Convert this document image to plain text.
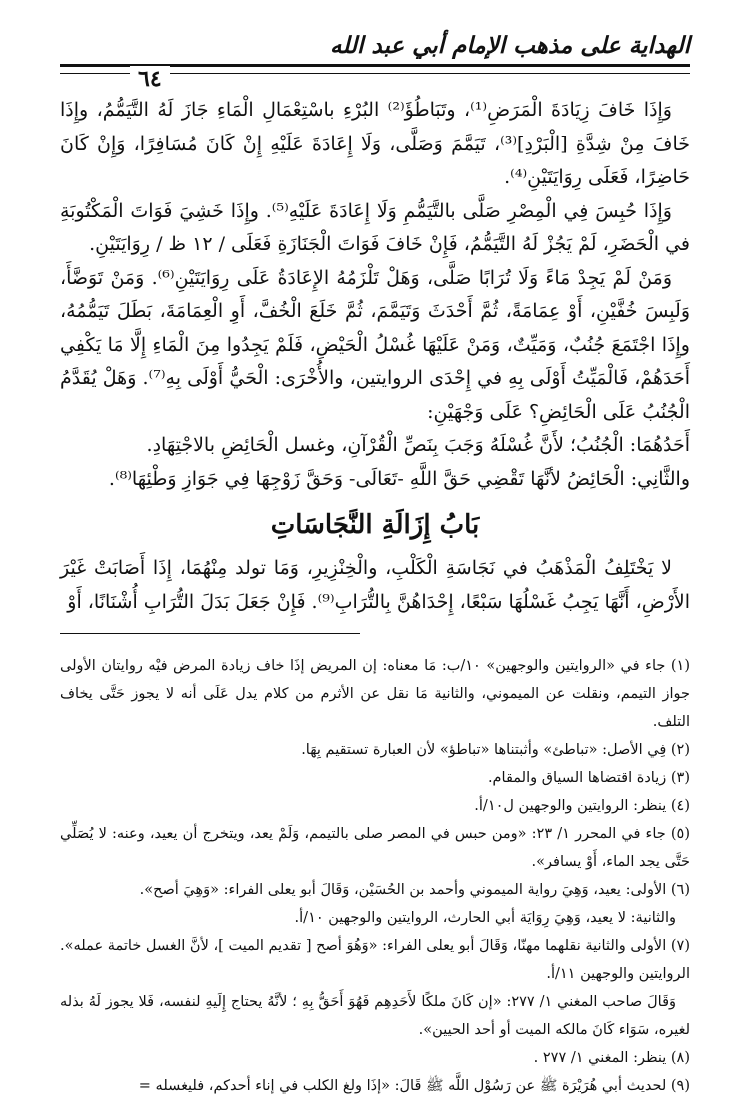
الهداية على مذهب الإمام أبي عبد الله
٦٤

وَإِذَا خَافَ زِيَادَةَ الْمَرَضِ⁽¹⁾، وتَبَاطُؤَ⁽²⁾ البُرْءِ باسْتِعْمَالِ الْمَاءِ جَازَ لَهُ التَّيَمُّمُ، وإِذَا خَافَ مِنْ شِدَّةِ [الْبَرْدِ]⁽³⁾، تَيَمَّمَ وَصَلَّى، وَلَا إِعَادَةَ عَلَيْهِ إِنْ كَانَ مُسَافِرًا، وَإِنْ كَانَ حَاضِرًا، فَعَلَى رِوَايَتَيْنِ⁽⁴⁾.

وَإِذَا حُبِسَ فِي الْمِصْرِ صَلَّى بالتَّيَمُّمِ وَلَا إِعَادَةَ عَلَيْهِ⁽⁵⁾. وإِذَا خَشِيَ فَوَاتَ الْمَكْتُوبَةِ في الْحَضَرِ، لَمْ يَجُزْ لَهُ التَّيَمُّمُ، فَإِنْ خَافَ فَوَاتَ الْجَنَازَةِ فَعَلَى / ١٢ ظ / رِوَايَتَيْنِ.

وَمَنْ لَمْ يَجِدْ مَاءً وَلَا تُرَابًا صَلَّى، وَهَلْ تَلْزَمُهُ الإِعَادَةُ عَلَى رِوَايَتَيْنِ⁽⁶⁾. وَمَنْ تَوَضَّأَ، وَلَبِسَ خُفَّيْنِ، أَوْ عِمَامَةً، ثُمَّ أَحْدَثَ وَتَيَمَّمَ، ثُمَّ خَلَعَ الْخُفَّ، أَوِ الْعِمَامَةَ، بَطَلَ تَيَمُّمُهُ، وإِذَا اجْتَمَعَ جُنُبٌ، وَمَيِّتٌ، وَمَنْ عَلَيْهَا غُسْلُ الْحَيْضِ، فَلَمْ يَجِدُوا مِنَ الْمَاءِ إِلَّا مَا يَكْفِي أَحَدَهُمْ، فَالْمَيِّتُ أَوْلَى بِهِ في إِحْدَى الروايتين، والأُخْرَى: الْحَيُّ أَوْلَى بِهِ⁽⁷⁾. وَهَلْ يُقَدَّمُ الْجُنُبُ عَلَى الْحَائِضِ؟ عَلَى وَجْهَيْنِ:

أَحَدُهُمَا: الْجُنُبُ؛ لأَنَّ غُسْلَهُ وَجَبَ بِنَصِّ الْقُرْآنِ، وغسل الْحَائِضِ بالاجْتِهَادِ.

والثَّانِي: الْحَائِضُ لأنَّهَا تَقْضِي حَقَّ اللَّهِ -تَعَالَى- وَحَقَّ زَوْجِهَا فِي جَوَازِ وَطْئِهَا⁽⁸⁾.

بَابُ إِزَالَةِ النَّجَاسَاتِ

لا يَخْتَلِفُ الْمَذْهَبُ في نَجَاسَةِ الْكَلْبِ، والْخِنْزِيرِ، وَمَا تولد مِنْهُمَا، إِذَا أَصَابَتْ غَيْرَ الأَرْضِ، أَنَّهَا يَجِبُ غَسْلُهَا سَبْعًا، إِحْدَاهُنَّ بِالتُّرَابِ⁽⁹⁾. فَإِنْ جَعَلَ بَدَلَ التُّرَابِ أُشْنَانًا، أَوْ

(١) جاء في «الروايتين والوجهين» ١٠/ب: مَا معناه: إن المريض إذَا خاف زيادة المرض فيْه روايتان الأولى جواز التيمم، ونقلت عن الميموني، والثانية مَا نقل عن الأثرم من كلام يدل عَلَى أنه لا يجوز حَتَّى يخاف التلف.

(٢) فِي الأصل: «تباطئ» وأثبتناها «تباطؤ» لأن العبارة تستقيم بِهَا.

(٣) زيادة اقتضاها السياق والمقام.

(٤) ينظر: الروايتين والوجهين ل١٠/أ.

(٥) جاء في المحرر ١/ ٢٣: «ومن حبس في المصر صلى بالتيمم، وَلَمْ يعد، ويتخرج أن يعيد، وعنه: لا يُصَلِّي حَتَّى يجد الماء، أَوْ يسافر».

(٦) الأولى: يعيد، وَهِيَ رواية الميموني وأحمد بن الحُسَيْن، وَقَالَ أبو يعلى الفراء: «وَهِيَ أصح».

والثانية: لا يعيد، وَهِيَ رِوَايَة أبي الحارث، الروايتين والوجهين ١٠/أ.

(٧) الأولى والثانية نقلهما مهنّا، وَقَالَ أبو يعلى الفراء: «وَهُوَ أصح [ تقديم الميت ]، لأنَّ الغسل خاتمة عمله». الروايتين والوجهين ١١/أ.

وَقَالَ صاحب المغني ١/ ٢٧٧: «إن كَانَ ملكًا لأَحَدِهِم فَهُوَ أَحَقُّ بِهِ ؛ لأنَّهُ يحتاج إِلَيهِ لنفسه، فَلا يجوز لَهُ بذله لغيره، سَوَاء كَانَ مالكه الميت أو أحد الحيين».

(٨) ينظر: المغني ١/ ٢٧٧ .

(٩) لحديث أبي هُرَيْرَة ﷺ عن رَسُوْل اللَّه ﷺ قَالَ: «إذَا ولغ الكلب في إناء أحدكم، فليغسله =
